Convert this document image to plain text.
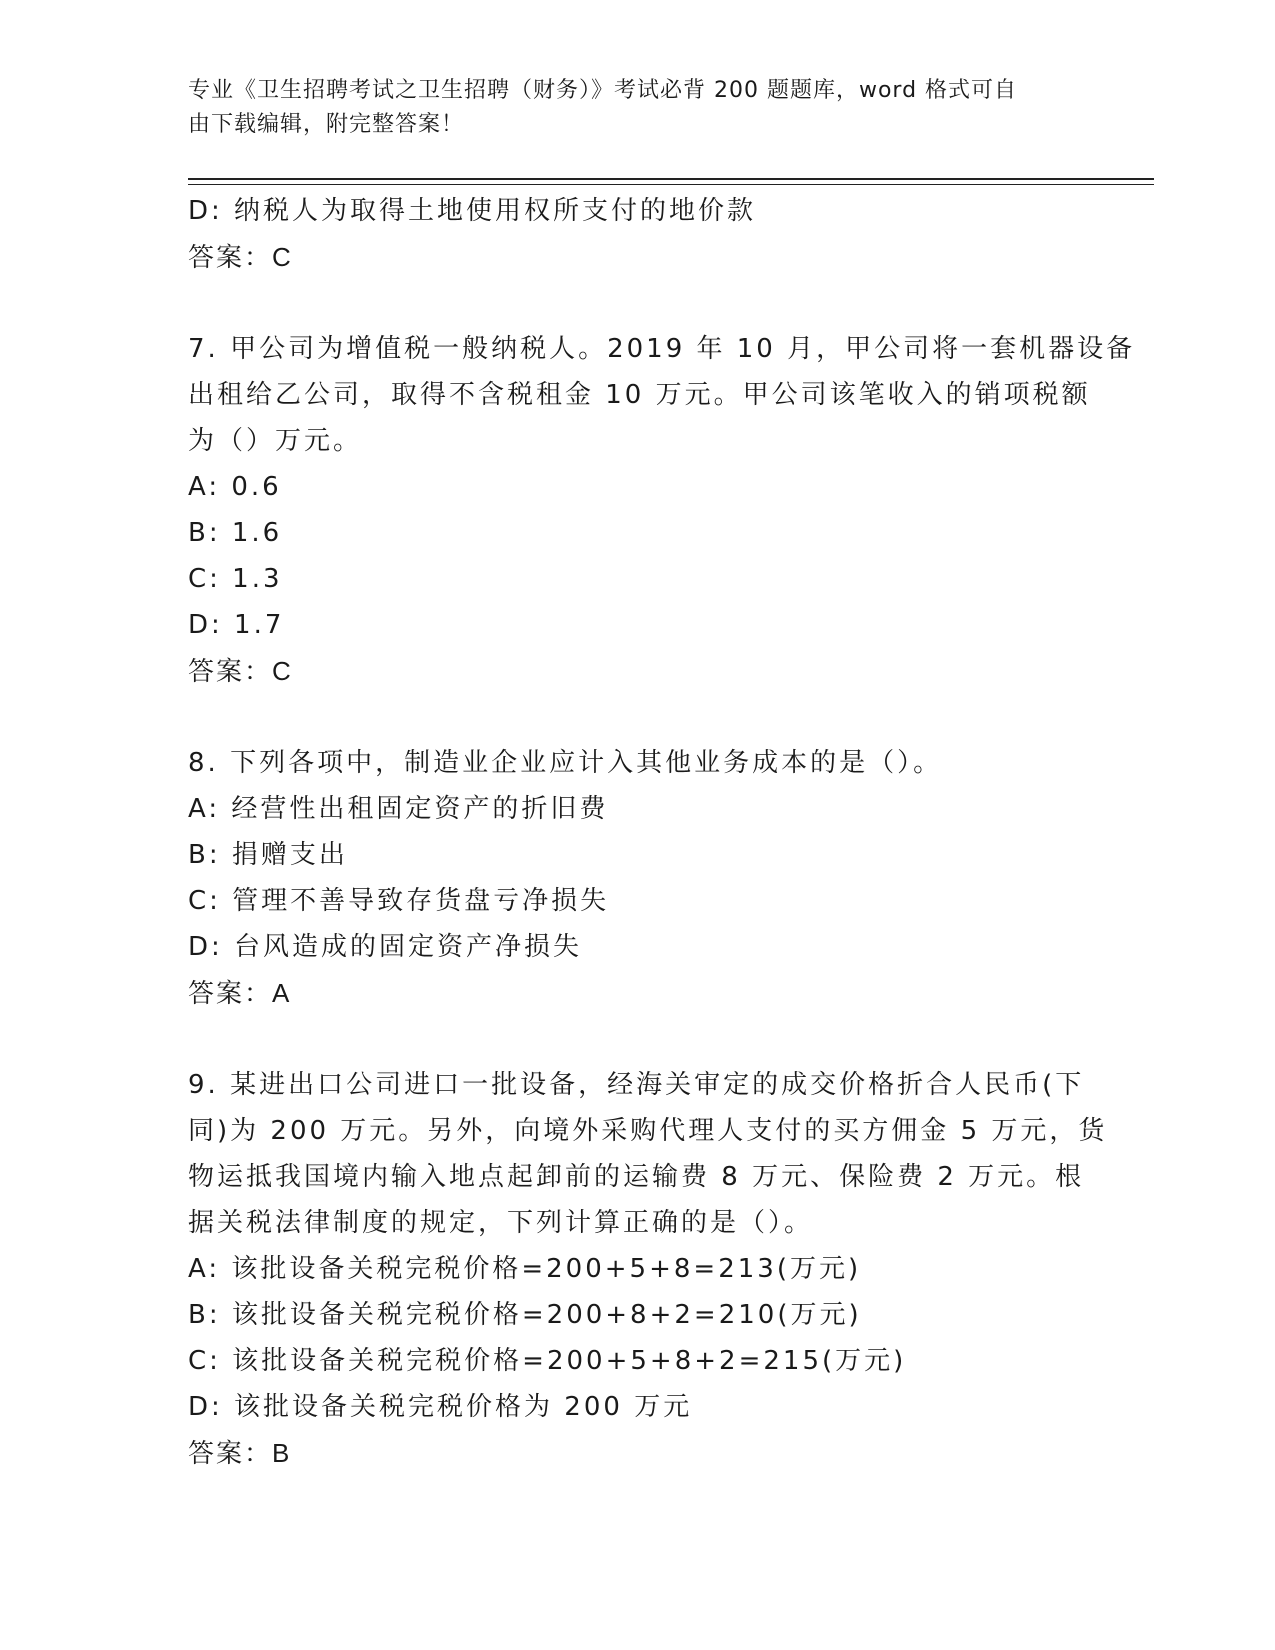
专业《卫生招聘考试之卫生招聘（财务）》考试必背 200 题题库，word 格式可自
由下载编辑，附完整答案！
D: 纳税人为取得土地使用权所支付的地价款
答案：C
7. 甲公司为增值税一般纳税人。2019 年 10 月，甲公司将一套机器设备
出租给乙公司，取得不含税租金 10 万元。甲公司该笔收入的销项税额
为（）万元。
A: 0.6
B: 1.6
C: 1.3
D: 1.7
答案：C
8. 下列各项中，制造业企业应计入其他业务成本的是（）。
A: 经营性出租固定资产的折旧费
B: 捐赠支出
C: 管理不善导致存货盘亏净损失
D: 台风造成的固定资产净损失
答案：A
9. 某进出口公司进口一批设备，经海关审定的成交价格折合人民币(下
同)为 200 万元。另外，向境外采购代理人支付的买方佣金 5 万元，货
物运抵我国境内输入地点起卸前的运输费 8 万元、保险费 2 万元。根
据关税法律制度的规定，下列计算正确的是（）。
A: 该批设备关税完税价格=200+5+8=213(万元)
B: 该批设备关税完税价格=200+8+2=210(万元)
C: 该批设备关税完税价格=200+5+8+2=215(万元)
D: 该批设备关税完税价格为 200 万元
答案：B
